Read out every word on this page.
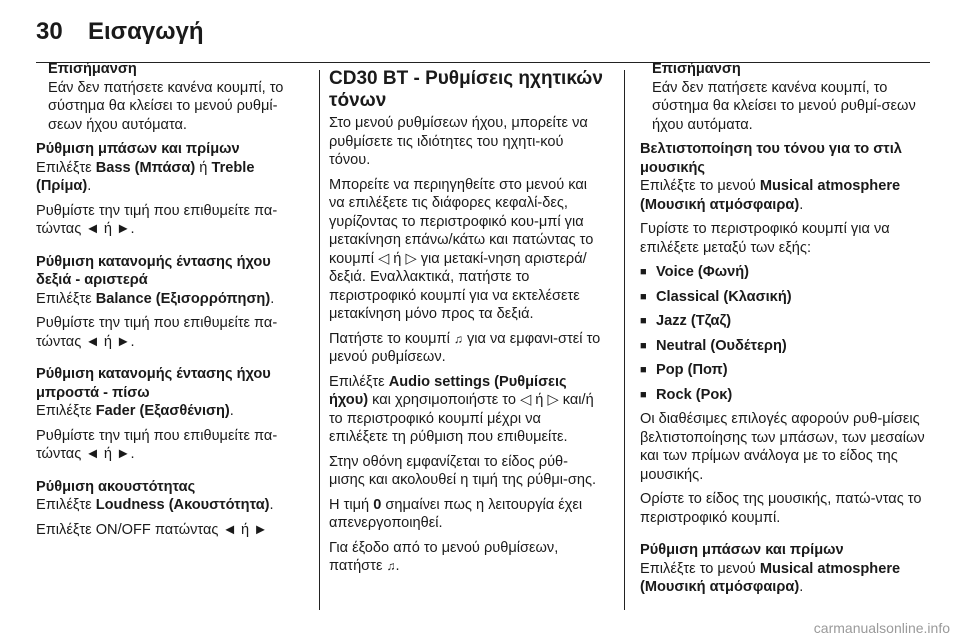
30	Εισαγωγή
Επισήμανση

Εάν δεν πατήσετε κανένα κουμπί, το σύστημα θα κλείσει το μενού ρυθμί-σεων ήχου αυτόματα.

Ρύθμιση μπάσων και πρίμων

Επιλέξτε Bass (Μπάσα) ή Treble (Πρίμα).

Ρυθμίστε την τιμή που επιθυμείτε πα-τώντας ◄ ή ►.

Ρύθμιση κατανομής έντασης ήχου δεξιά - αριστερά

Επιλέξτε Balance (Εξισορρόπηση).

Ρυθμίστε την τιμή που επιθυμείτε πα-τώντας ◄ ή ►.

Ρύθμιση κατανομής έντασης ήχου μπροστά - πίσω

Επιλέξτε Fader (Εξασθένιση).

Ρυθμίστε την τιμή που επιθυμείτε πα-τώντας ◄ ή ►.

Ρύθμιση ακουστότητας

Επιλέξτε Loudness (Ακουστότητα).

Επιλέξτε ON/OFF πατώντας ◄ ή ►

CD30 BT - Ρυθμίσεις ηχητικών τόνων

Στο μενού ρυθμίσεων ήχου, μπορείτε να ρυθμίσετε τις ιδιότητες του ηχητι-κού τόνου.

Μπορείτε να περιηγηθείτε στο μενού και να επιλέξετε τις διάφορες κεφαλί-δες, γυρίζοντας το περιστροφικό κου-μπί για μετακίνηση επάνω/κάτω και πατώντας το κουμπί ◁ ή ▷ για μετακί-νηση αριστερά/δεξιά. Εναλλακτικά, πατήστε το περιστροφικό κουμπί για να εκτελέσετε μετακίνηση μόνο προς τα δεξιά.

Πατήστε το κουμπί ♫ για να εμφανι-στεί το μενού ρυθμίσεων.

Επιλέξτε Audio settings (Ρυθμίσεις ήχου) και χρησιμοποιήστε το ◁ ή ▷ και/ή το περιστροφικό κουμπί μέχρι να επιλέξετε τη ρύθμιση που επιθυμείτε.

Στην οθόνη εμφανίζεται το είδος ρύθ-μισης και ακολουθεί η τιμή της ρύθμι-σης.

Η τιμή 0 σημαίνει πως η λειτουργία έχει απενεργοποιηθεί.

Για έξοδο από το μενού ρυθμίσεων, πατήστε ♫.

Επισήμανση

Εάν δεν πατήσετε κανένα κουμπί, το σύστημα θα κλείσει το μενού ρυθμί-σεων ήχου αυτόματα.

Βελτιστοποίηση του τόνου για το στιλ μουσικής

Επιλέξτε το μενού Musical atmosphere (Μουσική ατμόσφαιρα).

Γυρίστε το περιστροφικό κουμπί για να επιλέξετε μεταξύ των εξής:

■ Voice (Φωνή)
■ Classical (Κλασική)
■ Jazz (Τζαζ)
■ Neutral (Ουδέτερη)
■ Pop (Ποπ)
■ Rock (Ροκ)

Οι διαθέσιμες επιλογές αφορούν ρυθ-μίσεις βελτιστοποίησης των μπάσων, των μεσαίων και των πρίμων ανάλογα με το είδος της μουσικής.

Ορίστε το είδος της μουσικής, πατώ-ντας το περιστροφικό κουμπί.

Ρύθμιση μπάσων και πρίμων

Επιλέξτε το μενού Musical atmosphere (Μουσική ατμόσφαιρα).

carmanualsonline.info
